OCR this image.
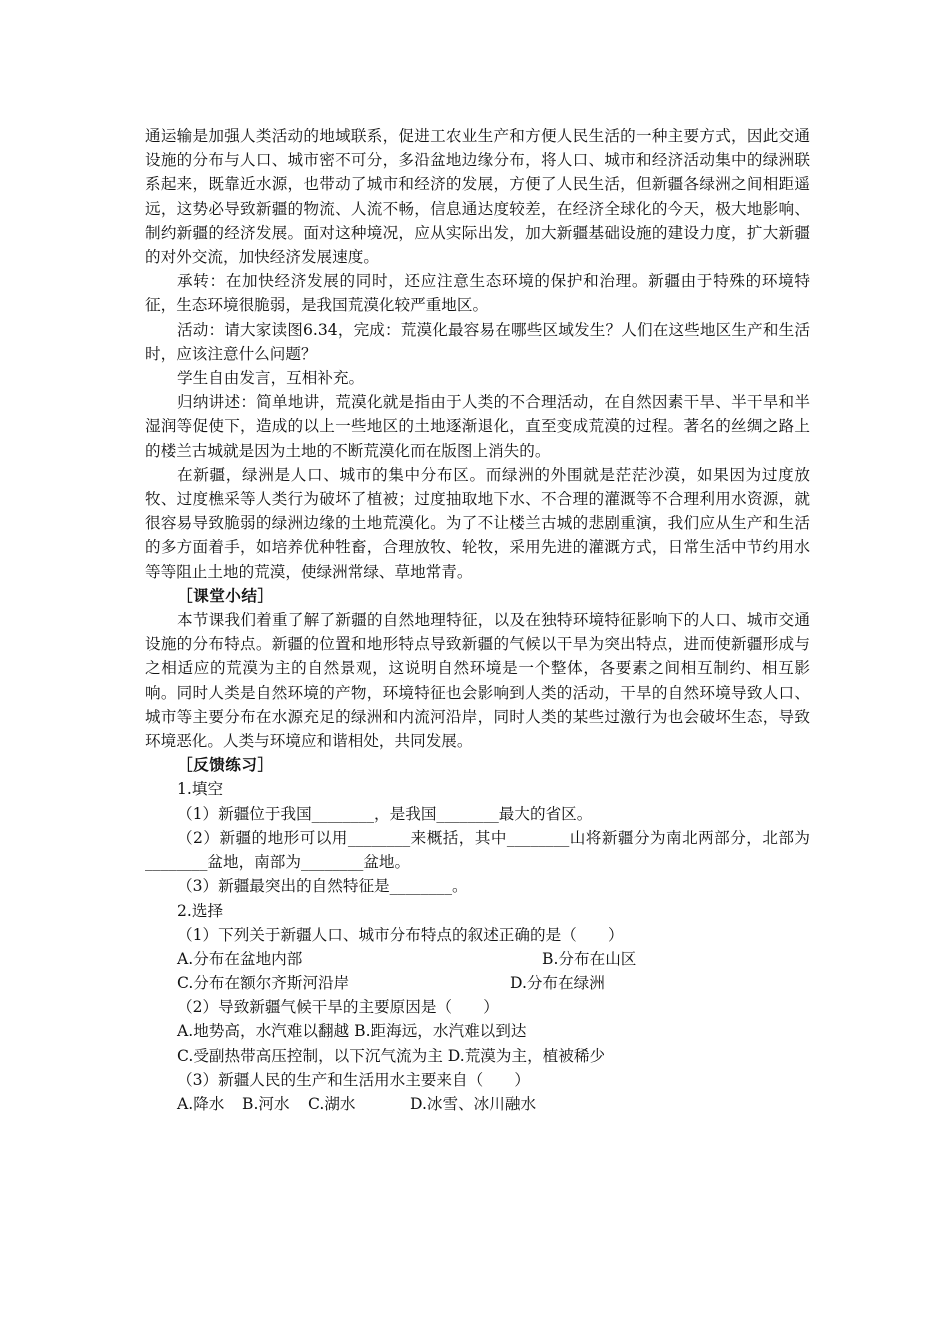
通运输是加强人类活动的地域联系，促进工农业生产和方便人民生活的一种主要方式，因此交通设施的分布与人口、城市密不可分，多沿盆地边缘分布，将人口、城市和经济活动集中的绿洲联系起来，既靠近水源，也带动了城市和经济的发展，方便了人民生活，但新疆各绿洲之间相距遥远，这势必导致新疆的物流、人流不畅，信息通达度较差，在经济全球化的今天，极大地影响、制约新疆的经济发展。面对这种境况，应从实际出发，加大新疆基础设施的建设力度，扩大新疆的对外交流，加快经济发展速度。

承转：在加快经济发展的同时，还应注意生态环境的保护和治理。新疆由于特殊的环境特征，生态环境很脆弱，是我国荒漠化较严重地区。

活动：请大家读图6.34，完成：荒漠化最容易在哪些区域发生？人们在这些地区生产和生活时，应该注意什么问题？

学生自由发言，互相补充。

归纳讲述：简单地讲，荒漠化就是指由于人类的不合理活动，在自然因素干旱、半干旱和半湿润等促使下，造成的以上一些地区的土地逐渐退化，直至变成荒漠的过程。著名的丝绸之路上的楼兰古城就是因为土地的不断荒漠化而在版图上消失的。

在新疆，绿洲是人口、城市的集中分布区。而绿洲的外围就是茫茫沙漠，如果因为过度放牧、过度樵采等人类行为破坏了植被；过度抽取地下水、不合理的灌溉等不合理利用水资源，就很容易导致脆弱的绿洲边缘的土地荒漠化。为了不让楼兰古城的悲剧重演，我们应从生产和生活的多方面着手，如培养优种牲畜，合理放牧、轮牧，采用先进的灌溉方式，日常生活中节约用水等等阻止土地的荒漠，使绿洲常绿、草地常青。

［课堂小结］

本节课我们着重了解了新疆的自然地理特征，以及在独特环境特征影响下的人口、城市交通设施的分布特点。新疆的位置和地形特点导致新疆的气候以干旱为突出特点，进而使新疆形成与之相适应的荒漠为主的自然景观，这说明自然环境是一个整体，各要素之间相互制约、相互影响。同时人类是自然环境的产物，环境特征也会影响到人类的活动，干旱的自然环境导致人口、城市等主要分布在水源充足的绿洲和内流河沿岸，同时人类的某些过激行为也会破坏生态，导致环境恶化。人类与环境应和谐相处，共同发展。

［反馈练习］

1.填空

（1）新疆位于我国________，是我国________最大的省区。

（2）新疆的地形可以用________来概括，其中________山将新疆分为南北两部分，北部为________盆地，南部为________盆地。

（3）新疆最突出的自然特征是________。

2.选择

（1）下列关于新疆人口、城市分布特点的叙述正确的是（　　）

A.分布在盆地内部	B.分布在山区
C.分布在额尔齐斯河沿岸	D.分布在绿洲

（2）导致新疆气候干旱的主要原因是（　　）

A.地势高，水汽难以翻越 B.距海远，水汽难以到达

C.受副热带高压控制，以下沉气流为主 D.荒漠为主，植被稀少

（3）新疆人民的生产和生活用水主要来自（　　）

A.降水 B.河水 C.湖水	D.冰雪、冰川融水
